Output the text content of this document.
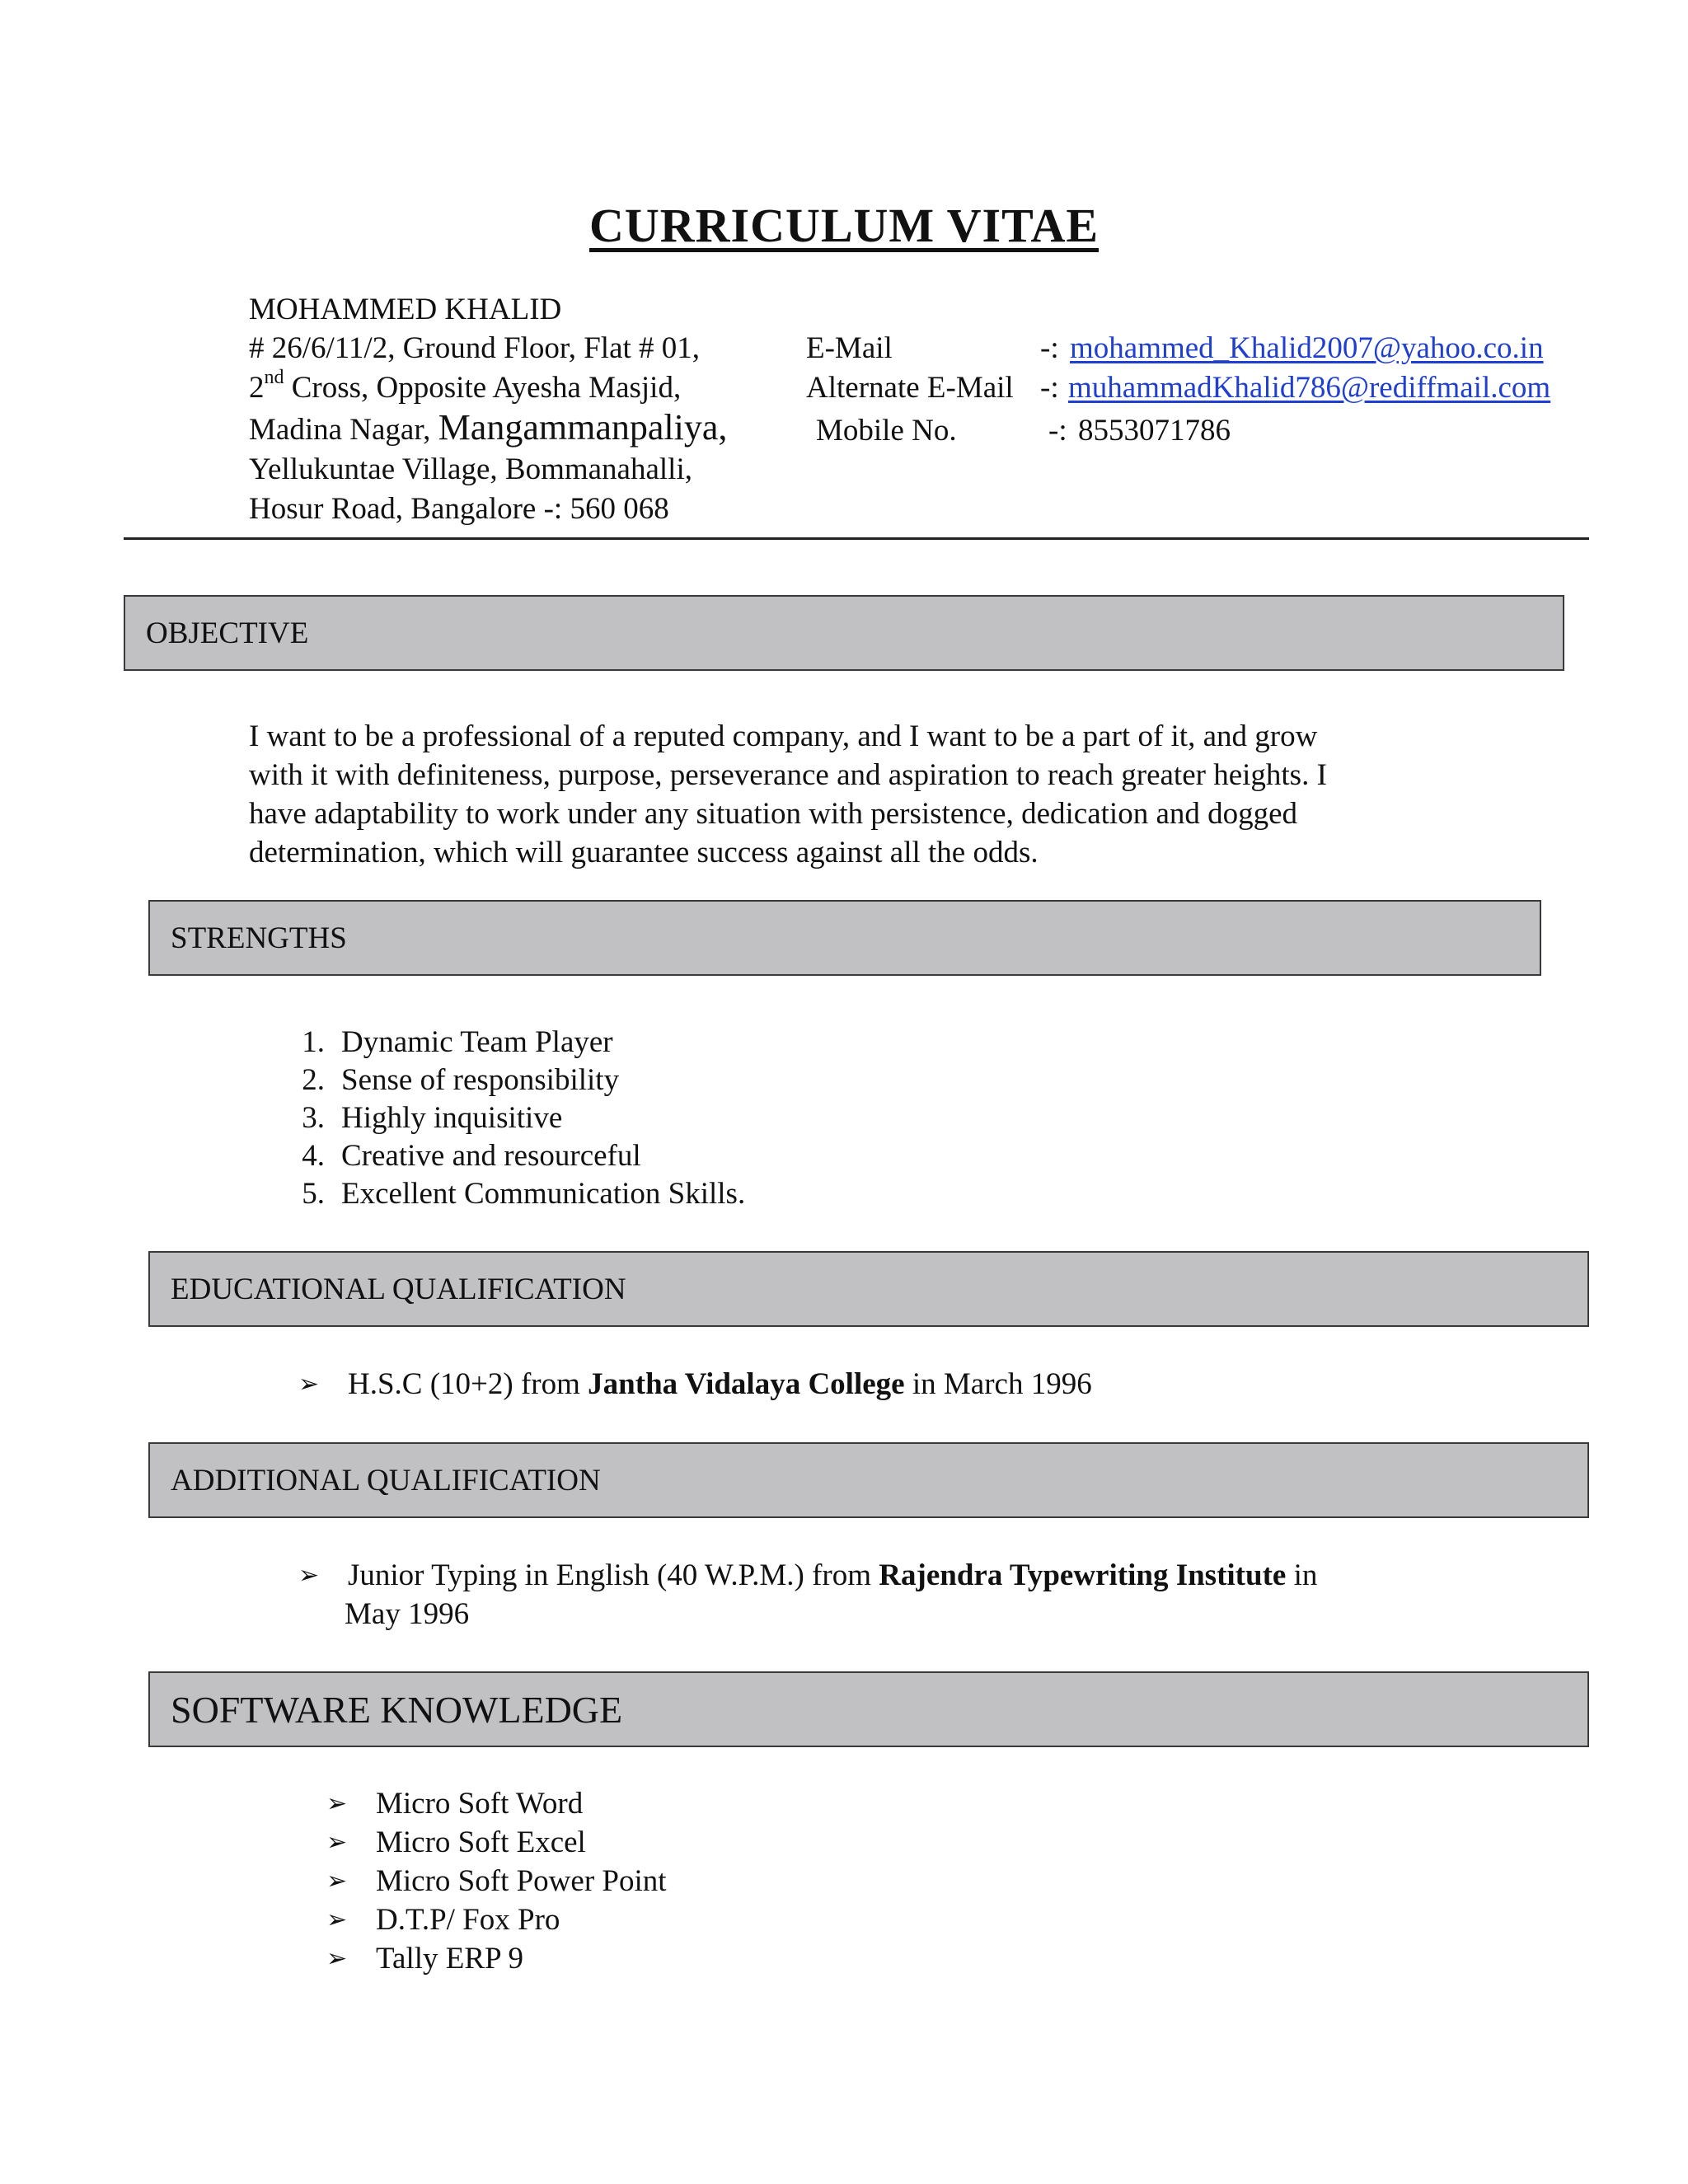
CURRICULUM VITAE
MOHAMMED KHALID
# 26/6/11/2, Ground Floor, Flat # 01,
2nd Cross, Opposite Ayesha Masjid,
Madina Nagar, Mangammanpaliya,
Yellukuntae Village, Bommanahalli,
Hosur Road, Bangalore -: 560 068
E-Mail	-: mohammed_Khalid2007@yahoo.co.in
Alternate E-Mail -: muhammadKhalid786@rediffmail.com
Mobile No.	-: 8553071786
OBJECTIVE
I want to be a professional of a reputed company, and I want to be a part of it, and grow
with it with definiteness, purpose, perseverance and aspiration to reach greater heights. I
have adaptability to work under any situation with persistence, dedication and dogged
determination, which will guarantee success against all the odds.
STRENGTHS
1. Dynamic Team Player
2. Sense of responsibility
3. Highly inquisitive
4. Creative and resourceful
5. Excellent Communication Skills.
EDUCATIONAL QUALIFICATION
➢ H.S.C (10+2) from Jantha Vidalaya College in March 1996
ADDITIONAL QUALIFICATION
➢ Junior Typing in English (40 W.P.M.) from Rajendra Typewriting Institute in
May 1996
SOFTWARE KNOWLEDGE
➢ Micro Soft Word
➢ Micro Soft Excel
➢ Micro Soft Power Point
➢ D.T.P/ Fox Pro
➢ Tally ERP 9
